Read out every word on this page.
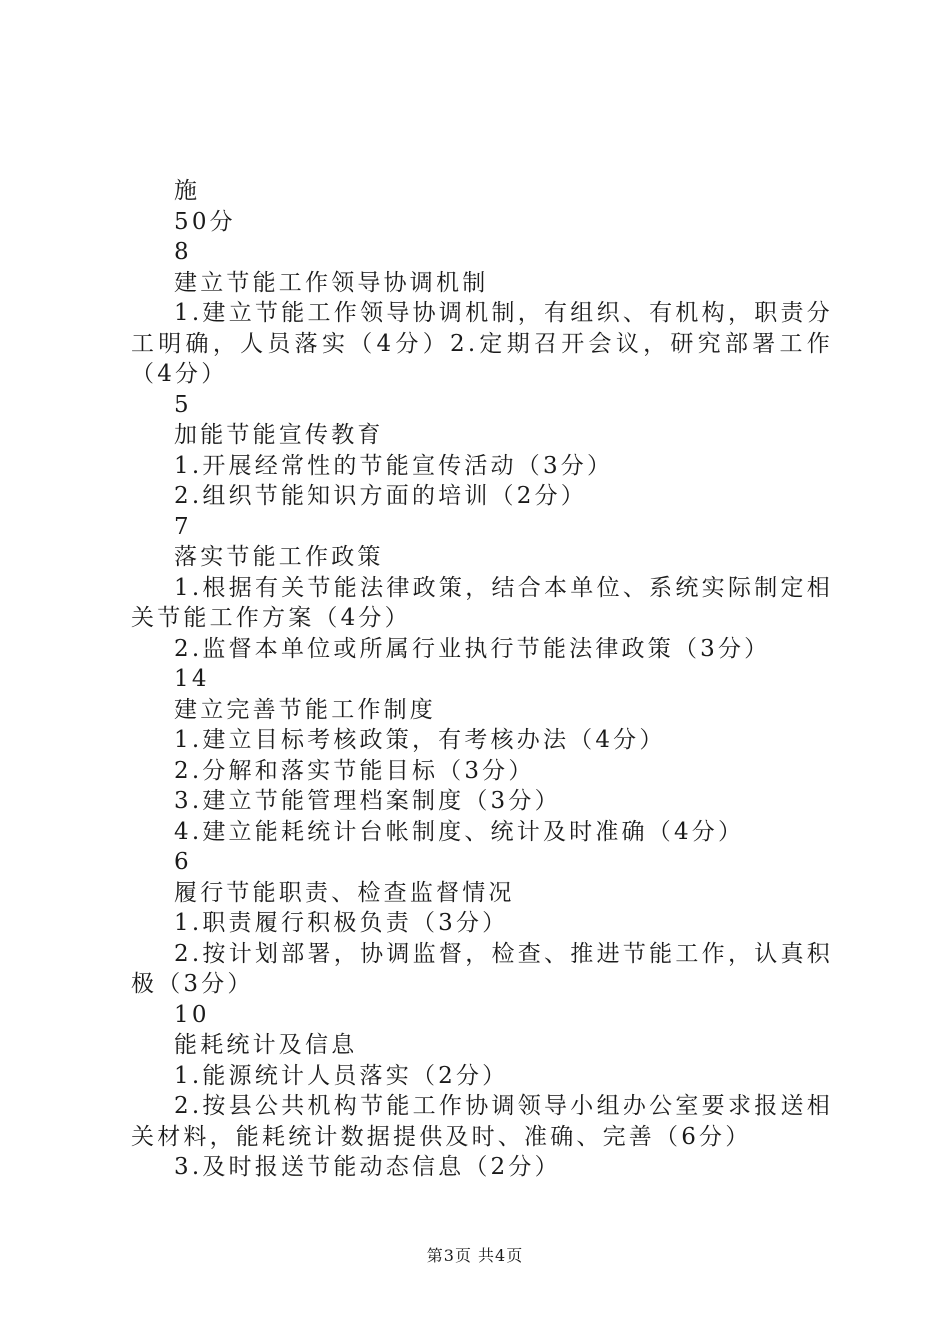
施
50分
8
建立节能工作领导协调机制
1.建立节能工作领导协调机制，有组织、有机构，职责分工明确，人员落实（4分）2.定期召开会议，研究部署工作（4分）
5
加能节能宣传教育
1.开展经常性的节能宣传活动（3分）
2.组织节能知识方面的培训（2分）
7
落实节能工作政策
1.根据有关节能法律政策，结合本单位、系统实际制定相关节能工作方案（4分）
2.监督本单位或所属行业执行节能法律政策（3分）
14
建立完善节能工作制度
1.建立目标考核政策，有考核办法（4分）
2.分解和落实节能目标（3分）
3.建立节能管理档案制度（3分）
4.建立能耗统计台帐制度、统计及时准确（4分）
6
履行节能职责、检查监督情况
1.职责履行积极负责（3分）
2.按计划部署，协调监督，检查、推进节能工作，认真积极（3分）
10
能耗统计及信息
1.能源统计人员落实（2分）
2.按县公共机构节能工作协调领导小组办公室要求报送相关材料，能耗统计数据提供及时、准确、完善（6分）
3.及时报送节能动态信息（2分）
第3页 共4页
